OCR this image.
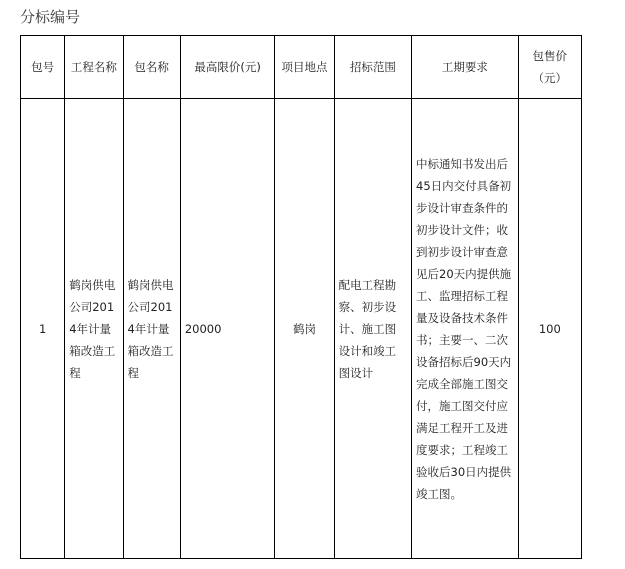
分标编号
包号	工程名称	包名称	最高限价(元)	项目地点	招标范围	工期要求	包售价（元）
1	鹤岗供电公司2014年计量箱改造工程	鹤岗供电公司2014年计量箱改造工程	20000	鹤岗	配电工程勘察、初步设计、施工图设计和竣工图设计	中标通知书发出后45日内交付具备初步设计审查条件的初步设计文件；收到初步设计审查意见后20天内提供施工、监理招标工程量及设备技术条件书；主要一、二次设备招标后90天内完成全部施工图交付，施工图交付应满足工程开工及进度要求；工程竣工验收后30日内提供竣工图。	100
